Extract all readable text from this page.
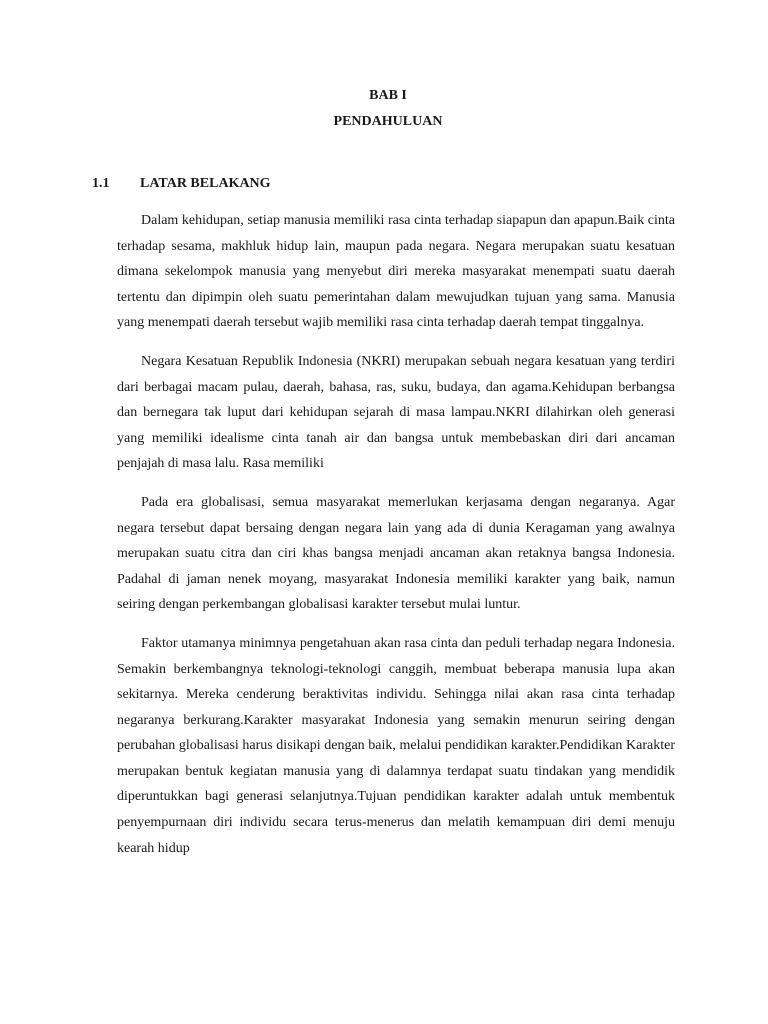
BAB I
PENDAHULUAN
1.1 LATAR BELAKANG

Dalam kehidupan, setiap manusia memiliki rasa cinta terhadap siapapun dan apapun.Baik cinta terhadap sesama, makhluk hidup lain, maupun pada negara. Negara merupakan suatu kesatuan dimana sekelompok manusia yang menyebut diri mereka masyarakat menempati suatu daerah tertentu dan dipimpin oleh suatu pemerintahan dalam mewujudkan tujuan yang sama. Manusia yang menempati daerah tersebut wajib memiliki rasa cinta terhadap daerah tempat tinggalnya.

Negara Kesatuan Republik Indonesia (NKRI) merupakan sebuah negara kesatuan yang terdiri dari berbagai macam pulau, daerah, bahasa, ras, suku, budaya, dan agama.Kehidupan berbangsa dan bernegara tak luput dari kehidupan sejarah di masa lampau.NKRI dilahirkan oleh generasi yang memiliki idealisme cinta tanah air dan bangsa untuk membebaskan diri dari ancaman penjajah di masa lalu. Rasa memiliki

Pada era globalisasi, semua masyarakat memerlukan kerjasama dengan negaranya. Agar negara tersebut dapat bersaing dengan negara lain yang ada di dunia Keragaman yang awalnya merupakan suatu citra dan ciri khas bangsa menjadi ancaman akan retaknya bangsa Indonesia. Padahal di jaman nenek moyang, masyarakat Indonesia memiliki karakter yang baik, namun seiring dengan perkembangan globalisasi karakter tersebut mulai luntur.

Faktor utamanya minimnya pengetahuan akan rasa cinta dan peduli terhadap negara Indonesia. Semakin berkembangnya teknologi-teknologi canggih, membuat beberapa manusia lupa akan sekitarnya. Mereka cenderung beraktivitas individu. Sehingga nilai akan rasa cinta terhadap negaranya berkurang.Karakter masyarakat Indonesia yang semakin menurun seiring dengan perubahan globalisasi harus disikapi dengan baik, melalui pendidikan karakter.Pendidikan Karakter merupakan bentuk kegiatan manusia yang di dalamnya terdapat suatu tindakan yang mendidik diperuntukkan bagi generasi selanjutnya.Tujuan pendidikan karakter adalah untuk membentuk penyempurnaan diri individu secara terus-menerus dan melatih kemampuan diri demi menuju kearah hidup
